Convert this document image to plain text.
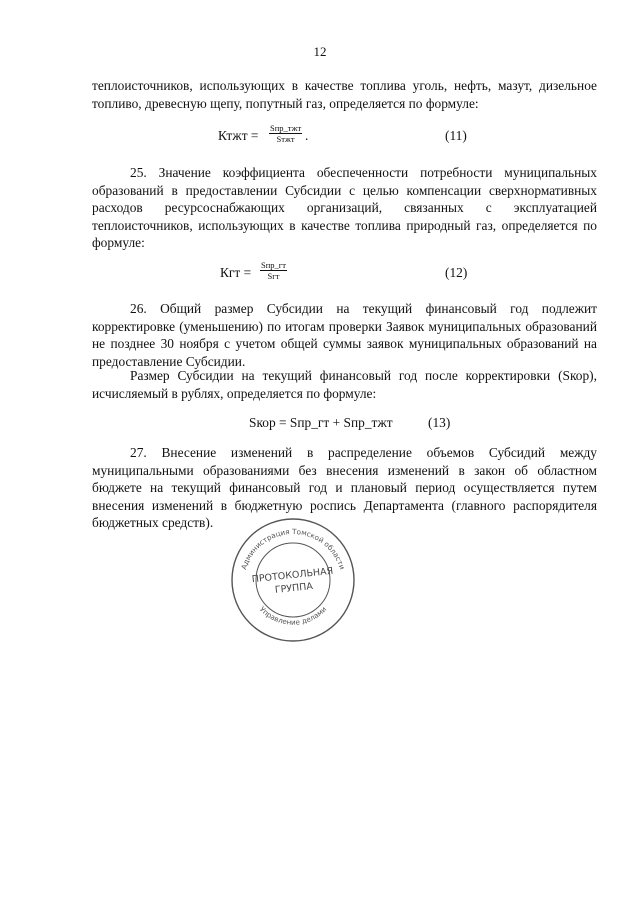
12

теплоисточников, использующих в качестве топлива уголь, нефть, мазут, дизельное топливо, древесную щепу, попутный газ, определяется по формуле:

Ктжт = Sпр_тжт
Sтжт .	(11)

25. Значение коэффициента обеспеченности потребности муниципальных образований в предоставлении Субсидии с целью компенсации сверхнормативных расходов ресурсоснабжающих организаций, связанных с эксплуатацией теплоисточников, использующих в качестве топлива природный газ, определяется по формуле:

Кгт = Sпр_гт
Sгт	(12)

26. Общий размер Субсидии на текущий финансовый год подлежит корректировке (уменьшению) по итогам проверки Заявок муниципальных образований не позднее 30 ноября с учетом общей суммы заявок муниципальных образований на предоставление Субсидии.

Размер Субсидии на текущий финансовый год после корректировки (Sкор), исчисляемый в рублях, определяется по формуле:

Sкор = Sпр_гт + Sпр_тжт	(13)

27. Внесение изменений в распределение объемов Субсидий между муниципальными образованиями без внесения изменений в закон об областном бюджете на текущий финансовый год и плановый период осуществляется путем внесения изменений в бюджетную роспись Департамента (главного распорядителя бюджетных средств).

Администрация Томской области
Управление делами
ПРОТОКОЛЬНАЯ
ГРУППА
